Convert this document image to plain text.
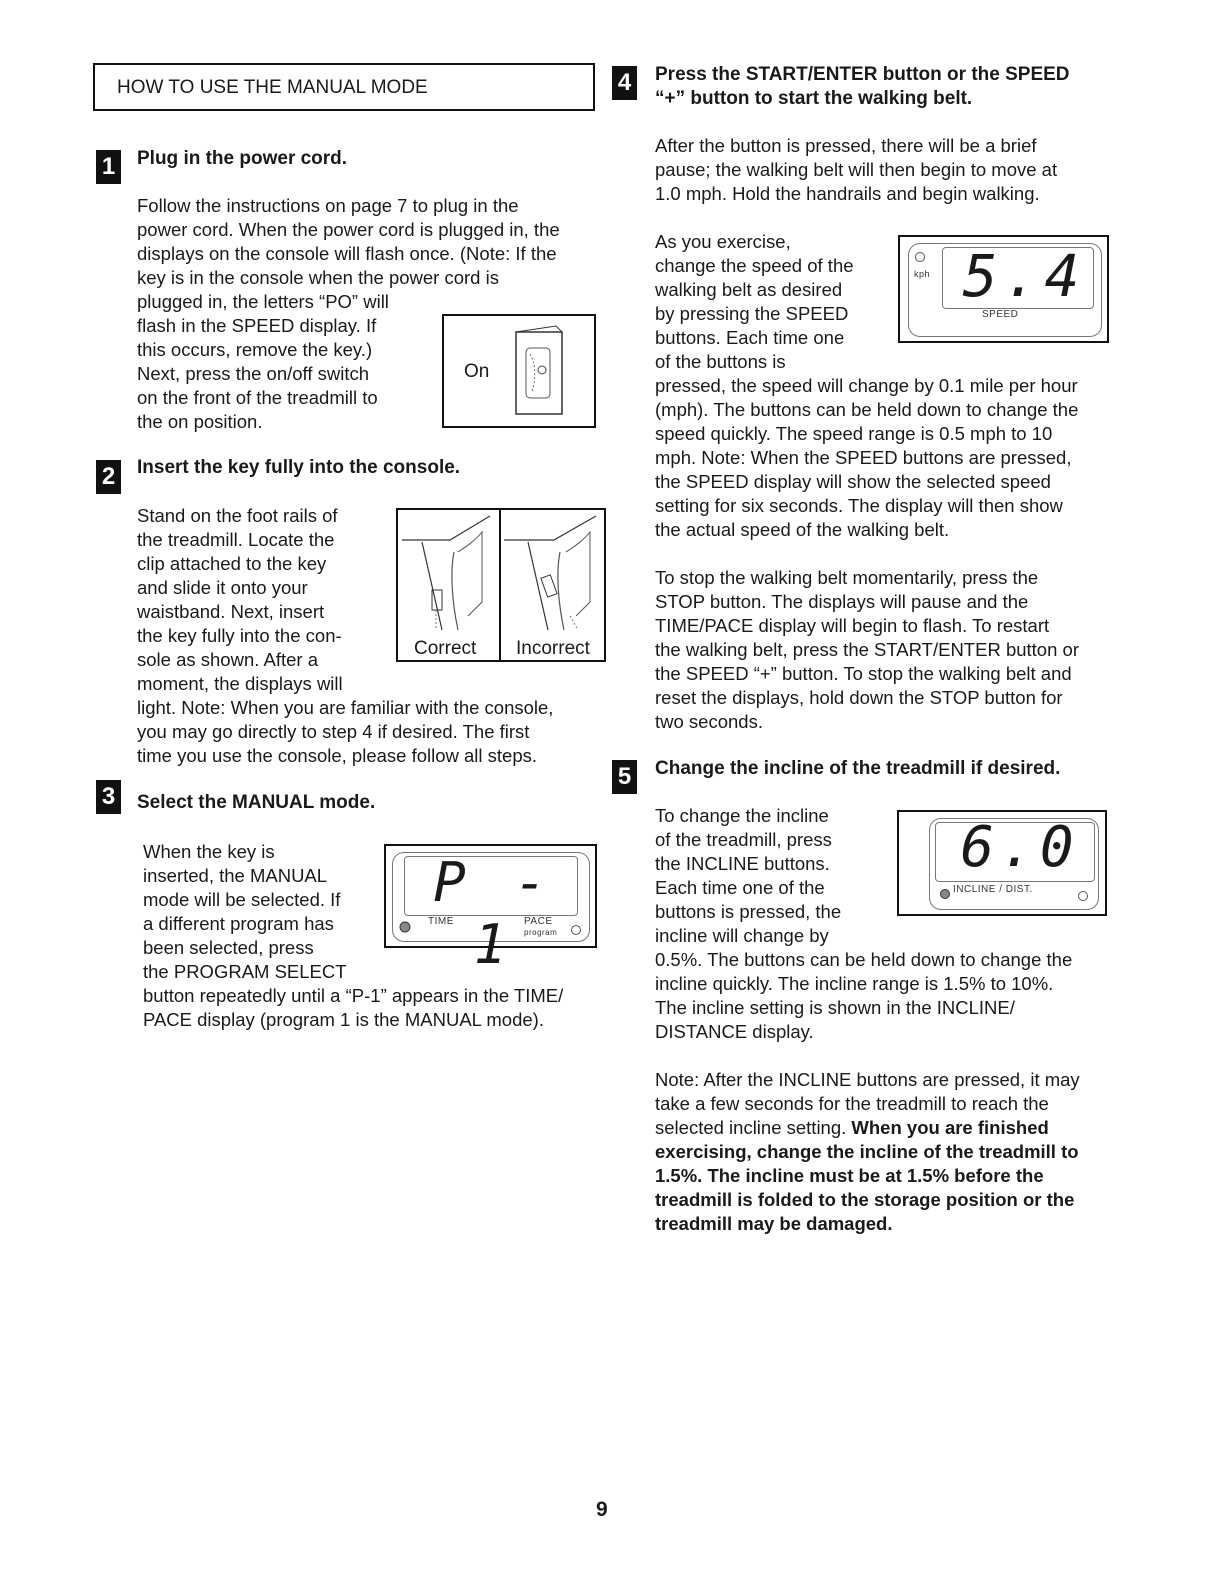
HOW TO USE THE MANUAL MODE
1	Plug in the power cord.
Follow the instructions on page 7 to plug in the
power cord. When the power cord is plugged in, the
displays on the console will flash once. (Note: If the
key is in the console when the power cord is
plugged in, the letters “PO” will
flash in the SPEED display. If
this occurs, remove the key.)
Next, press the on/off switch
on the front of the treadmill to
the on position.
On
2	Insert the key fully into the console.
Stand on the foot rails of
the treadmill. Locate the
clip attached to the key
and slide it onto your
waistband. Next, insert
the key fully into the con-
sole as shown. After a
moment, the displays will
light. Note: When you are familiar with the console,
you may go directly to step 4 if desired. The first
time you use the console, please follow all steps.
Correct Incorrect
3	Select the MANUAL mode.
When the key is
inserted, the MANUAL
mode will be selected. If
a different program has
been selected, press
the PROGRAM SELECT
button repeatedly until a “P-1” appears in the TIME/
PACE display (program 1 is the MANUAL mode).
P - 1
TIME	PACE
program
4	Press the START/ENTER button or the SPEED
“+” button to start the walking belt.
After the button is pressed, there will be a brief
pause; the walking belt will then begin to move at
1.0 mph. Hold the handrails and begin walking.
As you exercise,
change the speed of the
walking belt as desired
by pressing the SPEED
buttons. Each time one
of the buttons is
pressed, the speed will change by 0.1 mile per hour
(mph). The buttons can be held down to change the
speed quickly. The speed range is 0.5 mph to 10
mph. Note: When the SPEED buttons are pressed,
the SPEED display will show the selected speed
setting for six seconds. The display will then show
the actual speed of the walking belt.
To stop the walking belt momentarily, press the
STOP button. The displays will pause and the
TIME/PACE display will begin to flash. To restart
the walking belt, press the START/ENTER button or
the SPEED “+” button. To stop the walking belt and
reset the displays, hold down the STOP button for
two seconds.
kph 5.4
SPEED
5	Change the incline of the treadmill if desired.
To change the incline
of the treadmill, press
the INCLINE buttons.
Each time one of the
buttons is pressed, the
incline will change by
0.5%. The buttons can be held down to change the
incline quickly. The incline range is 1.5% to 10%.
The incline setting is shown in the INCLINE/
DISTANCE display.
6.0
INCLINE / DIST.
Note: After the INCLINE buttons are pressed, it may
take a few seconds for the treadmill to reach the
selected incline setting. When you are finished
exercising, change the incline of the treadmill to
1.5%. The incline must be at 1.5% before the
treadmill is folded to the storage position or the
treadmill may be damaged.
9
